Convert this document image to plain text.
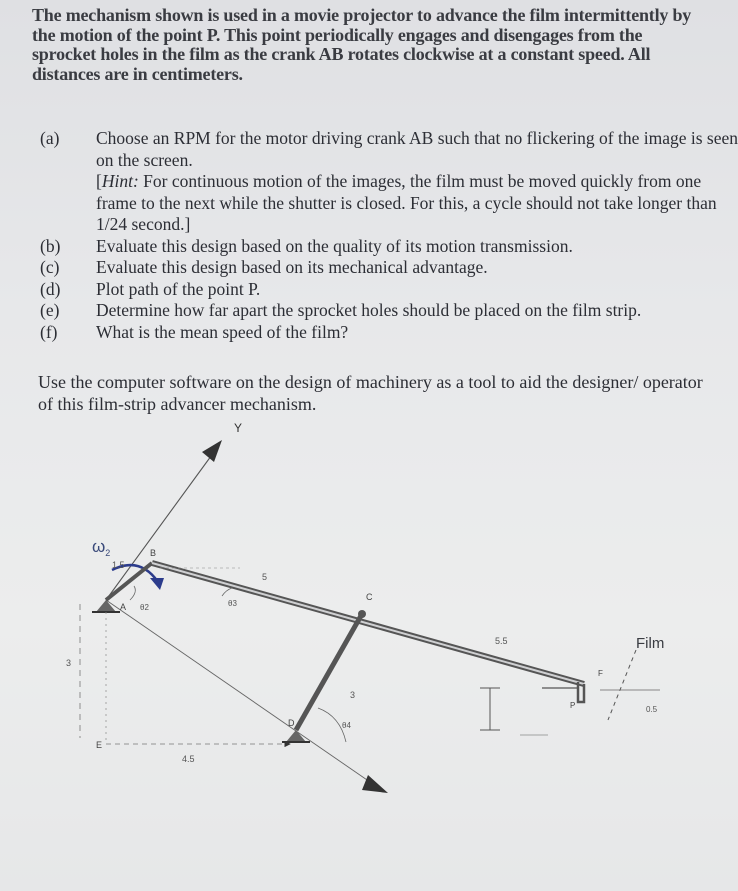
The mechanism shown is used in a movie projector to advance the film intermittently by
the motion of the point P. This point periodically engages and disengages from the
sprocket holes in the film as the crank AB rotates clockwise at a constant speed. All
distances are in centimeters.
(a)	Choose an RPM for the motor driving crank AB such that no flickering of the image is seen on the screen.
[Hint: For continuous motion of the images, the film must be moved quickly from one frame to the next while the shutter is closed. For this, a cycle should not take longer than 1/24 second.]
(b)	Evaluate this design based on the quality of its motion transmission.
(c)	Evaluate this design based on its mechanical advantage.
(d)	Plot path of the point P.
(e)	Determine how far apart the sprocket holes should be placed on the film strip.
(f)	What is the mean speed of the film?
Use the computer software on the design of machinery as a tool to aid the designer/ operator of this film-strip advancer mechanism.
Y
$\omega_2$
1.5
A θ2
B
5
θ3
C
5.5
3
D	θ4
4.5
E
3
P
F
Film
0.5
